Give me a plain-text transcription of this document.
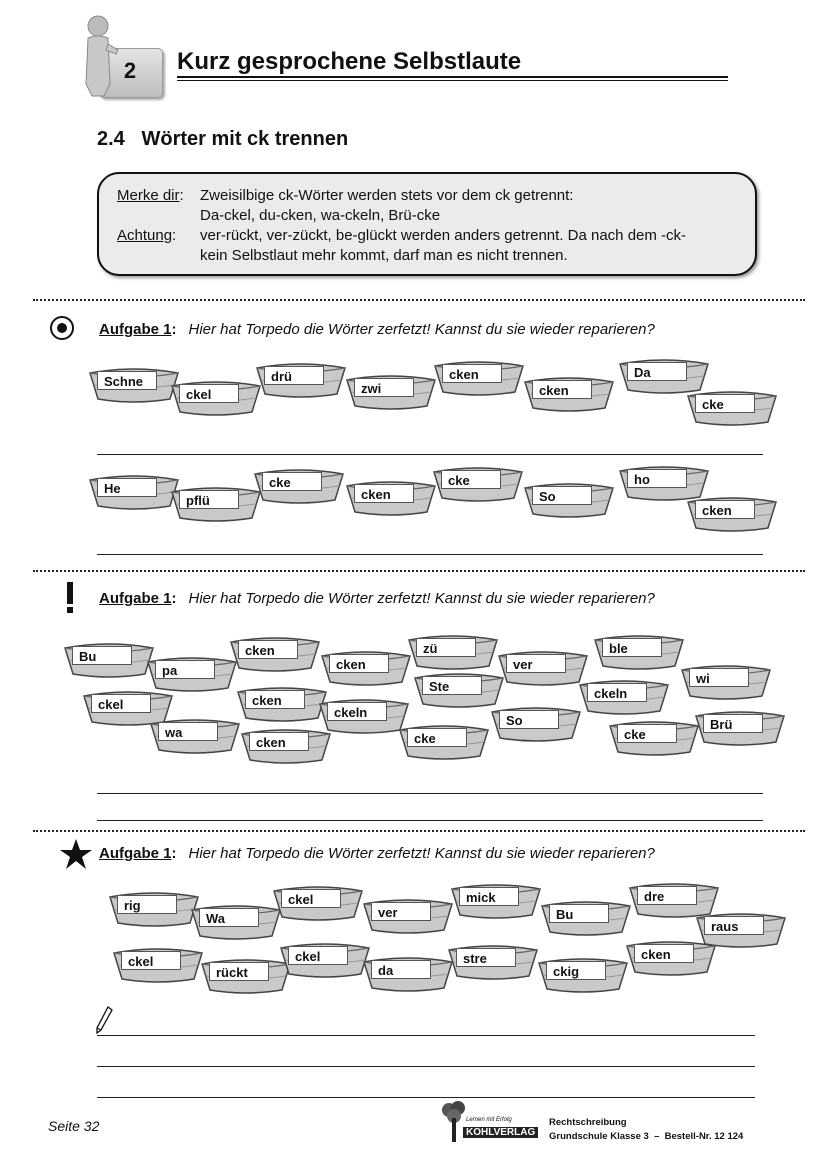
2	Kurz gesprochene Selbstlaute
2.4   Wörter mit ck trennen
Merke dir: Zweisilbige ck-Wörter werden stets vor dem ck getrennt:
Da-ckel, du-cken, wa-ckeln, Brü-cke
Achtung: ver-rückt, ver-zückt, be-glückt werden anders getrennt. Da nach dem -ck-
kein Selbstlaut mehr kommt, darf man es nicht trennen.
Aufgabe 1: Hier hat Torpedo die Wörter zerfetzt! Kannst du sie wieder reparieren?
Schne
ckel
drü
zwi
cken
cken
Da
cke
He
pflü
cke
cken
cke
So
ho
cken
Aufgabe 1: Hier hat Torpedo die Wörter zerfetzt! Kannst du sie wieder reparieren?
Bu
pa
cken
cken
zü
ver
ble
ckel	cken
ckeln
wi
Ste	ckeln
wa
cken	cke
So
cke
Brü
Aufgabe 1: Hier hat Torpedo die Wörter zerfetzt! Kannst du sie wieder reparieren?
rig
Wa
ckel
ver
mick
Bu
dre
ckel
raus
rückt
ckel
da
stre
ckig
cken
Seite 32	Lernen mit Erfolg
KOHLVERLAG
Rechtschreibung
Grundschule Klasse 3  –  Bestell-Nr. 12 124
